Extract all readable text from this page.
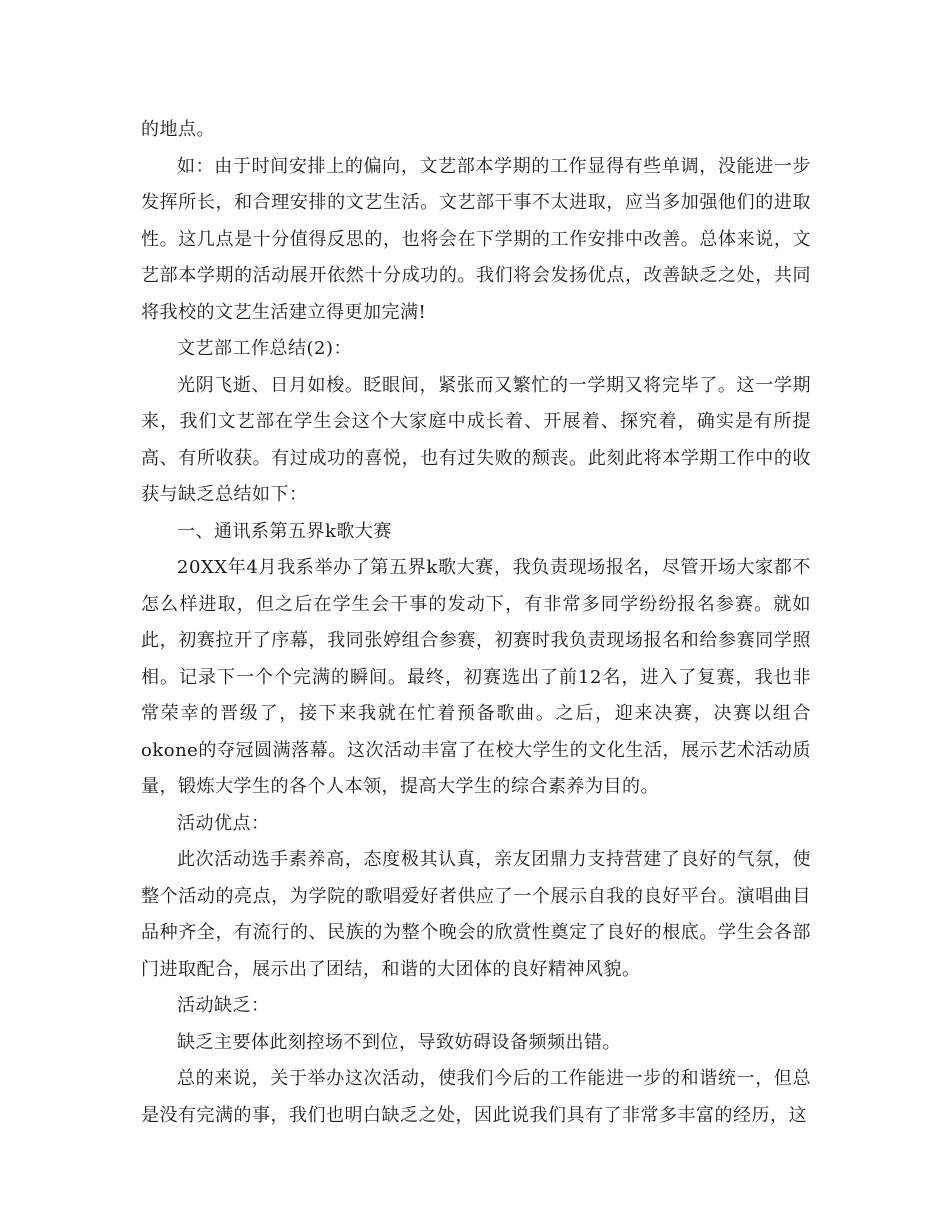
的地点。

如：由于时间安排上的偏向，文艺部本学期的工作显得有些单调，没能进一步发挥所长，和合理安排的文艺生活。文艺部干事不太进取，应当多加强他们的进取性。这几点是十分值得反思的，也将会在下学期的工作安排中改善。总体来说，文艺部本学期的活动展开依然十分成功的。我们将会发扬优点，改善缺乏之处，共同将我校的文艺生活建立得更加完满!

文艺部工作总结(2)：

光阴飞逝、日月如梭。眨眼间，紧张而又繁忙的一学期又将完毕了。这一学期来，我们文艺部在学生会这个大家庭中成长着、开展着、探究着，确实是有所提高、有所收获。有过成功的喜悦，也有过失败的颓丧。此刻此将本学期工作中的收获与缺乏总结如下：

一、通讯系第五界k歌大赛

20XX年4月我系举办了第五界k歌大赛，我负责现场报名，尽管开场大家都不怎么样进取，但之后在学生会干事的发动下，有非常多同学纷纷报名参赛。就如此，初赛拉开了序幕，我同张婷组合参赛，初赛时我负责现场报名和给参赛同学照相。记录下一个个完满的瞬间。最终，初赛选出了前12名，进入了复赛，我也非常荣幸的晋级了，接下来我就在忙着预备歌曲。之后，迎来决赛，决赛以组合okone的夺冠圆满落幕。这次活动丰富了在校大学生的文化生活，展示艺术活动质量，锻炼大学生的各个人本领，提高大学生的综合素养为目的。

活动优点：

此次活动选手素养高，态度极其认真，亲友团鼎力支持营建了良好的气氛，使整个活动的亮点，为学院的歌唱爱好者供应了一个展示自我的良好平台。演唱曲目品种齐全，有流行的、民族的为整个晚会的欣赏性奠定了良好的根底。学生会各部门进取配合，展示出了团结，和谐的大团体的良好精神风貌。

活动缺乏：

缺乏主要体此刻控场不到位，导致妨碍设备频频出错。

总的来说，关于举办这次活动，使我们今后的工作能进一步的和谐统一，但总是没有完满的事，我们也明白缺乏之处，因此说我们具有了非常多丰富的经历，这
